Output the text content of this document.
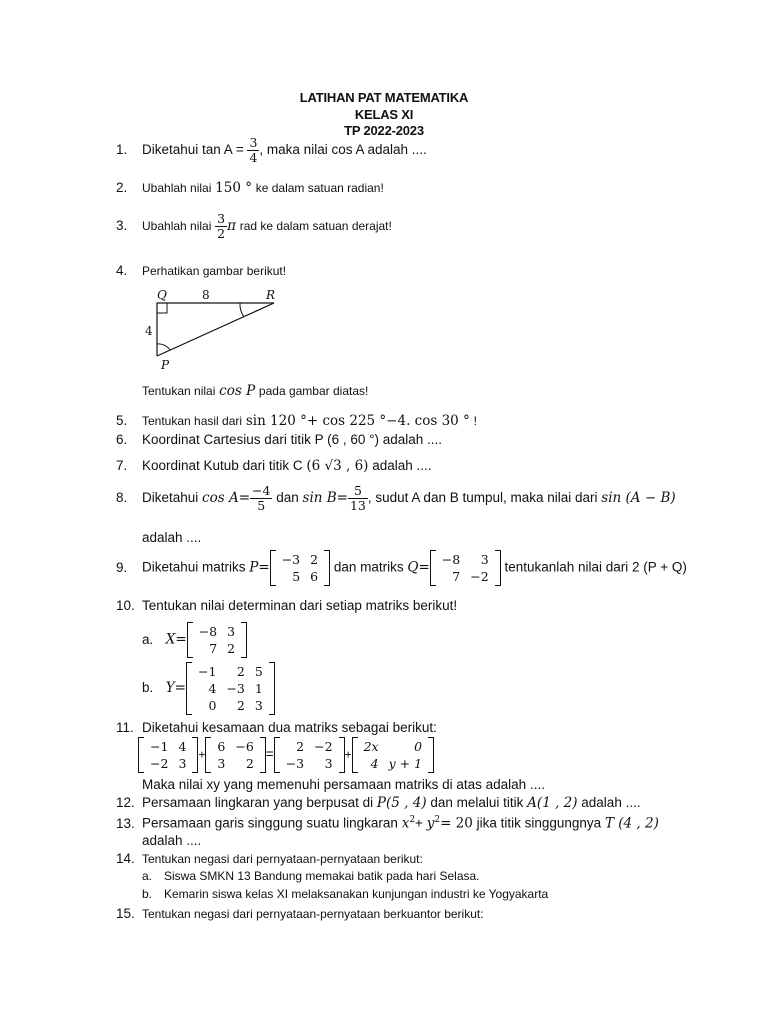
LATIHAN PAT MATEMATIKA
KELAS XI
TP 2022-2023
1. Diketahui $\tan A = \frac{3}{4}$ , maka nilai cos A adalah ....
2. Ubahlah nilai 150 ° ke dalam satuan radian!
3. Ubahlah nilai $\frac{3}{2}$ π rad ke dalam satuan derajat!
4. Perhatikan gambar berikut!
Q	R
P
8
4
Tentukan nilai cos P pada gambar diatas!
5. Tentukan hasil dari sin 120 °+ cos 225 °−4. cos 30 ° !
6. Koordinat Cartesius dari titik P (6 , 60 °) adalah ....
7. Koordinat Kutub dari titik C (6 √3 , 6) adalah ....
8. Diketahui $\cos A= \frac{-4}{5}$ dan $\sin B= \frac{5}{13}$ , sudut A dan B tumpul, maka nilai dari sin (A − B)
adalah ....
9. Diketahui matriks P=
−3	2
5	6
dan matriks Q=
−8	3
7	−2
tentukanlah nilai dari 2 (P + Q)
10. Tentukan nilai determinan dari setiap matriks berikut!
a. X=
−8	3
7	2
b. Y=
−1	2	5
4	−3	1
0	2	3
11. Diketahui kesamaan dua matriks sebagai berikut:
−1	4
−2	3
+
6	−6
3	2
=
2	−2
−3	3
+
2x	0
4	y + 1
Maka nilai xy yang memenuhi persamaan matriks di atas adalah ....
12. Persamaan lingkaran yang berpusat di P(5 , 4) dan melalui titik A(1 , 2) adalah ....
13. Persamaan garis singgung suatu lingkaran $x^2+ y^2= 20$ jika titik singgungnya T (4 , 2)
adalah ....
14. Tentukan negasi dari pernyataan-pernyataan berikut:
a. Siswa SMKN 13 Bandung memakai batik pada hari Selasa.
b. Kemarin siswa kelas XI melaksanakan kunjungan industri ke Yogyakarta
15. Tentukan negasi dari pernyataan-pernyataan berkuantor berikut:
